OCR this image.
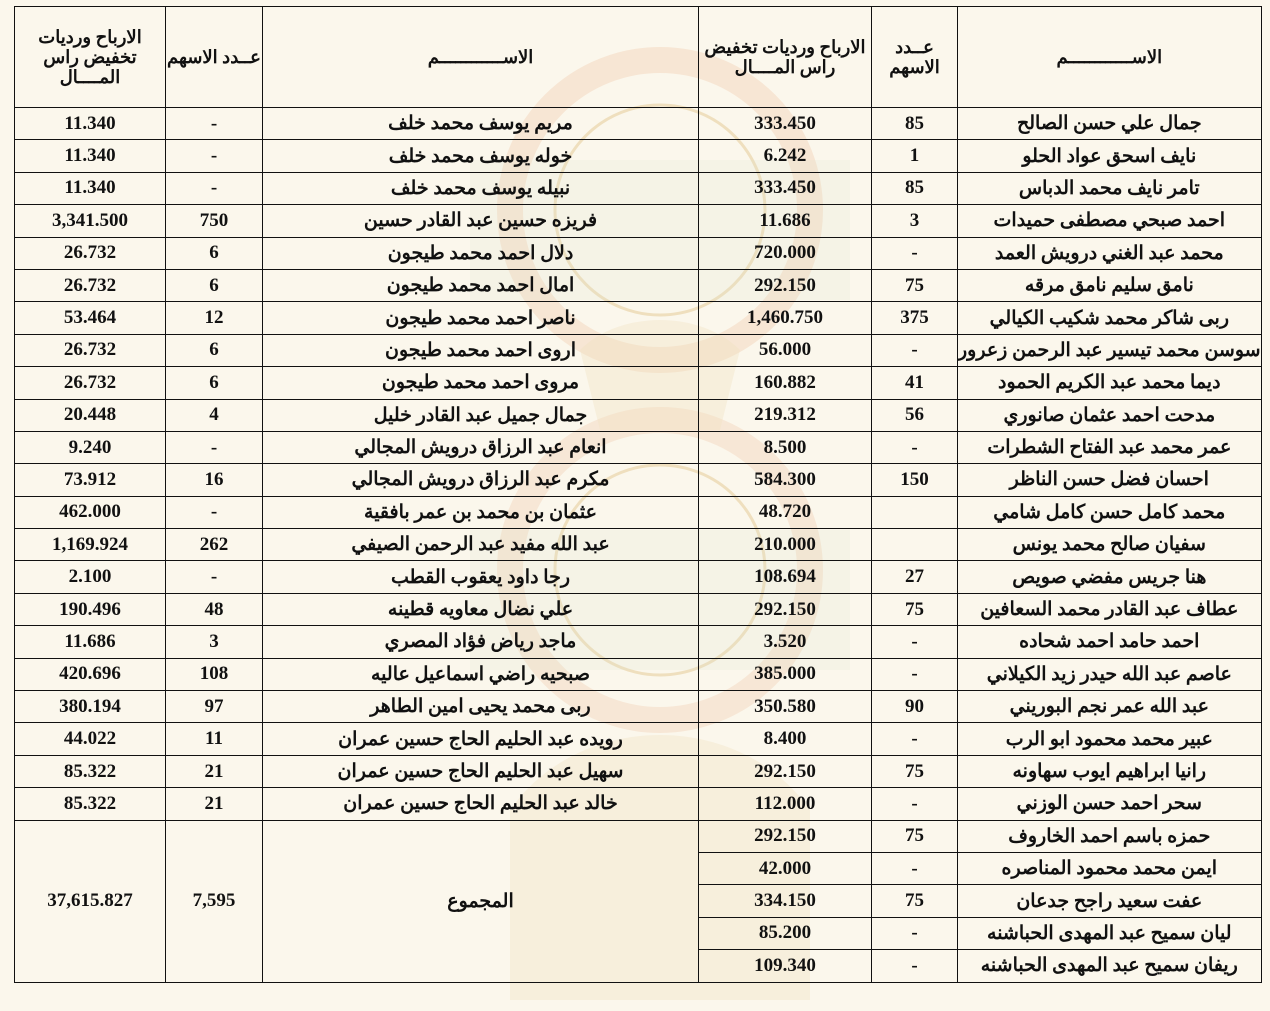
الارباح ورديات تخفيض راس المــــال	عــدد الاسهم	الاســــــــــــم	الارباح ورديات تخفيض راس المــــال	عــدد الاسهم	الاســــــــــــم
11.340	-	مريم يوسف محمد خلف	333.450	85	جمال علي حسن الصالح
11.340	-	خوله يوسف محمد خلف	6.242	1	نايف اسحق عواد الحلو
11.340	-	نبيله يوسف محمد خلف	333.450	85	تامر نايف محمد الدباس
3,341.500	750	فريزه حسين عبد القادر حسين	11.686	3	احمد صبحي مصطفى حميدات
26.732	6	دلال احمد محمد طيجون	720.000	-	محمد عبد الغني درويش العمد
26.732	6	امال احمد محمد طيجون	292.150	75	نامق سليم نامق مرقه
53.464	12	ناصر احمد محمد طيجون	1,460.750	375	ربى شاكر محمد شكيب الكيالي
26.732	6	اروى احمد محمد طيجون	56.000	-	سوسن محمد تيسير عبد الرحمن زعرور
26.732	6	مروى احمد محمد طيجون	160.882	41	ديما محمد عبد الكريم الحمود
20.448	4	جمال جميل عبد القادر خليل	219.312	56	مدحت احمد عثمان صانوري
9.240	-	انعام عبد الرزاق درويش المجالي	8.500	-	عمر محمد عبد الفتاح الشطرات
73.912	16	مكرم عبد الرزاق درويش المجالي	584.300	150	احسان فضل حسن الناظر
462.000	-	عثمان بن محمد بن عمر بافقية	48.720		محمد كامل حسن كامل شامي
1,169.924	262	عبد الله مفيد عبد الرحمن الصيفي	210.000		سفيان صالح محمد يونس
2.100	-	رجا داود يعقوب القطب	108.694	27	هنا جريس مفضي صويص
190.496	48	علي نضال معاويه قطينه	292.150	75	عطاف عبد القادر محمد السعافين
11.686	3	ماجد رياض فؤاد المصري	3.520	-	احمد حامد احمد شحاده
420.696	108	صبحيه راضي اسماعيل عاليه	385.000	-	عاصم عبد الله حيدر زيد الكيلاني
380.194	97	ربى محمد يحيى امين الطاهر	350.580	90	عبد الله عمر نجم البوريني
44.022	11	رويده عبد الحليم الحاج حسين عمران	8.400	-	عبير محمد محمود ابو الرب
85.322	21	سهيل عبد الحليم الحاج حسين عمران	292.150	75	رانيا ابراهيم ايوب سهاونه
85.322	21	خالد عبد الحليم الحاج حسين عمران	112.000	-	سحر احمد حسن الوزني
37,615.827	7,595	المجموع	292.150	75	حمزه باسم احمد الخاروف
			42.000	-	ايمن محمد محمود المناصره
			334.150	75	عفت سعيد راجح جدعان
			85.200	-	ليان سميح عبد المهدى الحباشنه
			109.340	-	ريفان سميح عبد المهدى الحباشنه
